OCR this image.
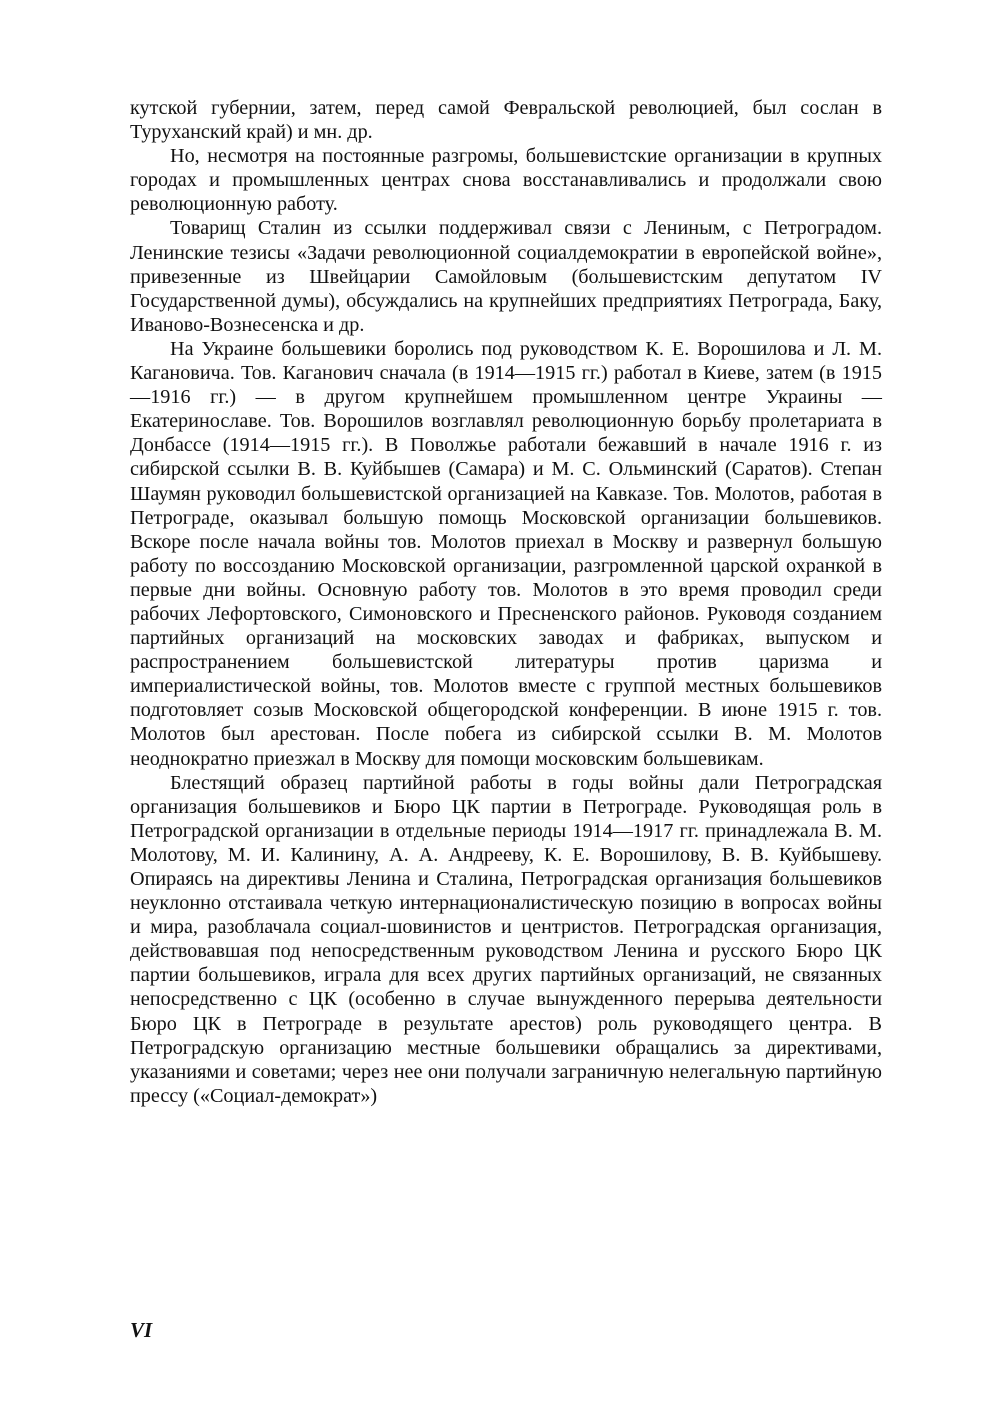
кутской губернии, затем, перед самой Февральской революцией, был сослан в Туруханский край) и мн. др.

Но, несмотря на постоянные разгромы, большевистские организации в крупных городах и промышленных центрах снова восстанавливались и продолжали свою революционную работу.

Товарищ Сталин из ссылки поддерживал связи с Лениным, с Петроградом. Ленинские тезисы «Задачи революционной социалдемократии в европейской войне», привезенные из Швейцарии Самойловым (большевистским депутатом IV Государственной думы), обсуждались на крупнейших предприятиях Петрограда, Баку, Иваново-Вознесенска и др.

На Украине большевики боролись под руководством К. Е. Ворошилова и Л. М. Кагановича. Тов. Каганович сначала (в 1914—1915 гг.) работал в Киеве, затем (в 1915—1916 гг.) — в другом крупнейшем промышленном центре Украины — Екатеринославе. Тов. Ворошилов возглавлял революционную борьбу пролетариата в Донбассе (1914—1915 гг.). В Поволжье работали бежавший в начале 1916 г. из сибирской ссылки В. В. Куйбышев (Самара) и М. С. Ольминский (Саратов). Степан Шаумян руководил большевистской организацией на Кавказе. Тов. Молотов, работая в Петрограде, оказывал большую помощь Московской организации большевиков. Вскоре после начала войны тов. Молотов приехал в Москву и развернул большую работу по воссозданию Московской организации, разгромленной царской охранкой в первые дни войны. Основную работу тов. Молотов в это время проводил среди рабочих Лефортовского, Симоновского и Пресненского районов. Руководя созданием партийных организаций на московских заводах и фабриках, выпуском и распространением большевистской литературы против царизма и империалистической войны, тов. Молотов вместе с группой местных большевиков подготовляет созыв Московской общегородской конференции. В июне 1915 г. тов. Молотов был арестован. После побега из сибирской ссылки В. М. Молотов неоднократно приезжал в Москву для помощи московским большевикам.

Блестящий образец партийной работы в годы войны дали Петроградская организация большевиков и Бюро ЦК партии в Петрограде. Руководящая роль в Петроградской организации в отдельные периоды 1914—1917 гг. принадлежала В. М. Молотову, М. И. Калинину, А. А. Андрееву, К. Е. Ворошилову, В. В. Куйбышеву. Опираясь на директивы Ленина и Сталина, Петроградская организация большевиков неуклонно отстаивала четкую интернационалистическую позицию в вопросах войны и мира, разоблачала социал-шовинистов и центристов. Петроградская организация, действовавшая под непосредственным руководством Ленина и русского Бюро ЦК партии большевиков, играла для всех других партийных организаций, не связанных непосредственно с ЦК (особенно в случае вынужденного перерыва деятельности Бюро ЦК в Петрограде в результате арестов) роль руководящего центра. В Петроградскую организацию местные большевики обращались за директивами, указаниями и советами; через нее они получали заграничную нелегальную партийную прессу («Социал-демократ»)

VI
